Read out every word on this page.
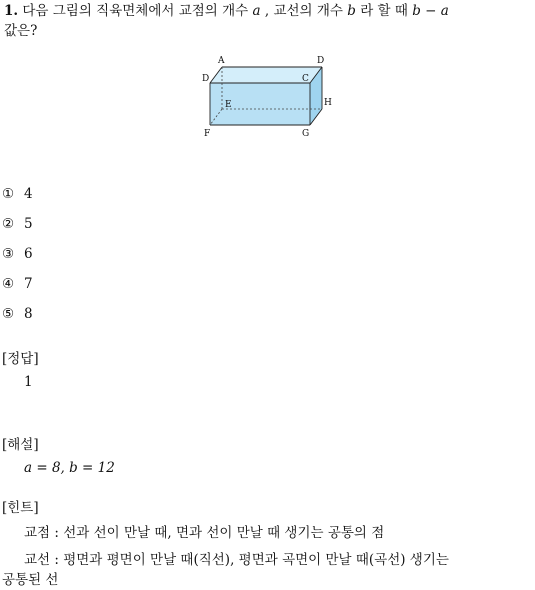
1. 다음 그림의 직육면체에서 교점의 개수 a , 교선의 개수 b 라 할 때 b − a
값은?
A	D
D	C
E	H
F	G
① 4
② 5
③ 6
④ 7
⑤ 8
[정답]
1
[해설]
a = 8, b = 12
[힌트]
교점 : 선과 선이 만날 때, 면과 선이 만날 때 생기는 공통의 점
교선 : 평면과 평면이 만날 때(직선), 평면과 곡면이 만날 때(곡선) 생기는
공통된 선
